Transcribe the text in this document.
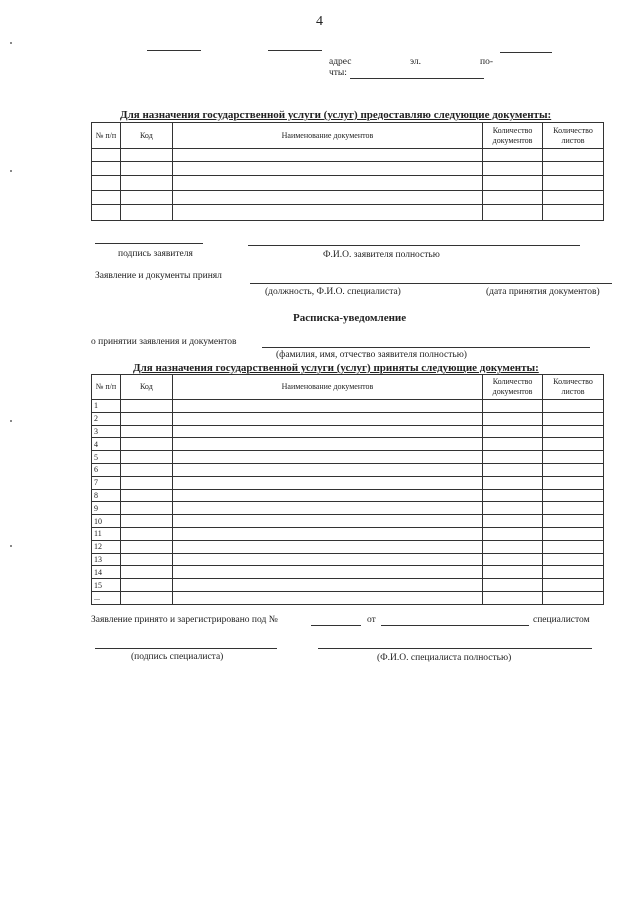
4
адрес	эл.	по-
чты:
Для назначения государственной услуги (услуг) предоставляю следующие документы:
№ п/п	Код	Наименование документов	Количество документов	Количество листов

подпись заявителя	Ф.И.О. заявителя полностью
Заявление и документы принял
(должность, Ф.И.О. специалиста)	(дата принятия документов)
Расписка-уведомление
о принятии заявления и документов
(фамилия, имя, отчество заявителя полностью)
Для назначения государственной услуги (услуг) приняты следующие документы:
№ п/п	Код	Наименование документов	Количество документов	Количество листов
1				
2				
3				
4				
5				
6				
7				
8				
9				
10				
11				
12				
13				
14				
15				
...				
Заявление принято и зарегистрировано под №	от	специалистом
(подпись специалиста)	(Ф.И.О. специалиста полностью)
